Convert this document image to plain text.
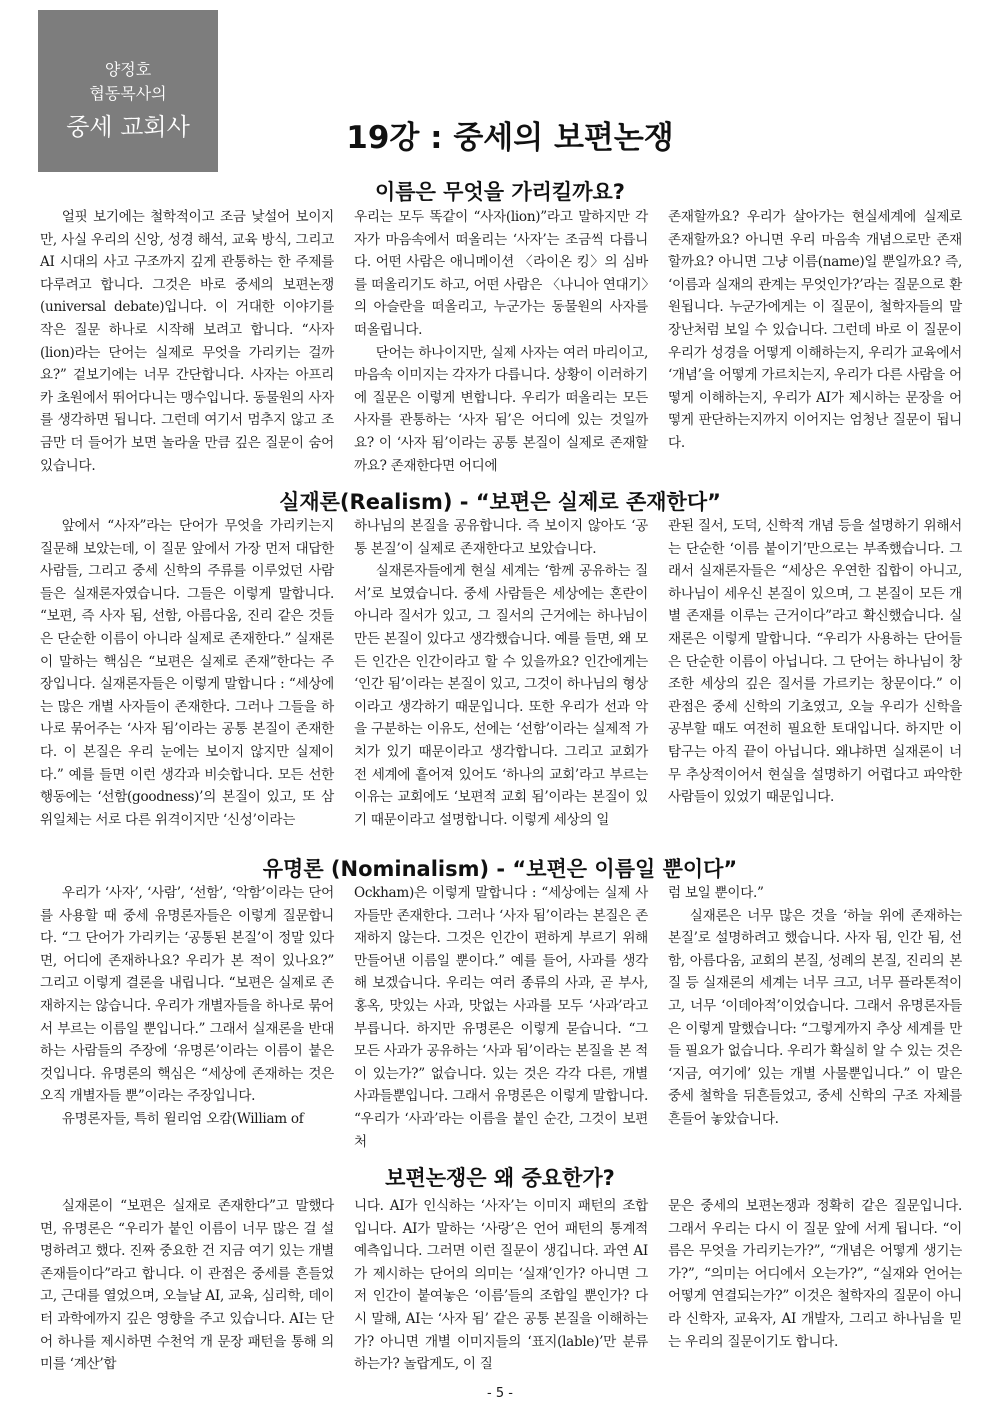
양정호
협동목사의
중세 교회사	19강 : 중세의 보편논쟁
이름은 무엇을 가리킬까요?

얼핏 보기에는 철학적이고 조금 낯설어 보이지만, 사실 우리의 신앙, 성경 해석, 교육 방식, 그리고 AI 시대의 사고 구조까지 깊게 관통하는 한 주제를 다루려고 합니다. 그것은 바로 중세의 보편논쟁(universal debate)입니다. 이 거대한 이야기를 작은 질문 하나로 시작해 보려고 합니다. “사자(lion)라는 단어는 실제로 무엇을 가리키는 걸까요?” 겉보기에는 너무 간단합니다. 사자는 아프리카 초원에서 뛰어다니는 맹수입니다. 동물원의 사자를 생각하면 됩니다. 그런데 여기서 멈추지 않고 조금만 더 들어가 보면 놀라울 만큼 깊은 질문이 숨어 있습니다.

우리는 모두 똑같이 “사자(lion)”라고 말하지만 각자가 마음속에서 떠올리는 ‘사자’는 조금씩 다릅니다. 어떤 사람은 애니메이션 〈라이온 킹〉의 심바를 떠올리기도 하고, 어떤 사람은 〈나니아 연대기〉의 아슬란을 떠올리고, 누군가는 동물원의 사자를 떠올립니다.

단어는 하나이지만, 실제 사자는 여러 마리이고, 마음속 이미지는 각자가 다릅니다. 상황이 이러하기에 질문은 이렇게 변합니다. 우리가 떠올리는 모든 사자를 관통하는 ‘사자 됨’은 어디에 있는 것일까요? 이 ‘사자 됨’이라는 공통 본질이 실제로 존재할까요? 존재한다면 어디에

존재할까요? 우리가 살아가는 현실세계에 실제로 존재할까요? 아니면 우리 마음속 개념으로만 존재할까요? 아니면 그냥 이름(name)일 뿐일까요? 즉, ‘이름과 실재의 관계는 무엇인가?’라는 질문으로 환원됩니다. 누군가에게는 이 질문이, 철학자들의 말장난처럼 보일 수 있습니다. 그런데 바로 이 질문이 우리가 성경을 어떻게 이해하는지, 우리가 교육에서 ‘개념’을 어떻게 가르치는지, 우리가 다른 사람을 어떻게 이해하는지, 우리가 AI가 제시하는 문장을 어떻게 판단하는지까지 이어지는 엄청난 질문이 됩니다.

실재론(Realism) - “보편은 실제로 존재한다”

앞에서 “사자”라는 단어가 무엇을 가리키는지 질문해 보았는데, 이 질문 앞에서 가장 먼저 대답한 사람들, 그리고 중세 신학의 주류를 이루었던 사람들은 실재론자였습니다. 그들은 이렇게 말합니다. “보편, 즉 사자 됨, 선함, 아름다움, 진리 같은 것들은 단순한 이름이 아니라 실제로 존재한다.” 실재론이 말하는 핵심은 “보편은 실제로 존재”한다는 주장입니다. 실재론자들은 이렇게 말합니다 : “세상에는 많은 개별 사자들이 존재한다. 그러나 그들을 하나로 묶어주는 ‘사자 됨’이라는 공통 본질이 존재한다. 이 본질은 우리 눈에는 보이지 않지만 실제이다.” 예를 들면 이런 생각과 비슷합니다. 모든 선한 행동에는 ‘선함(goodness)’의 본질이 있고, 또 삼위일체는 서로 다른 위격이지만 ‘신성’이라는

하나님의 본질을 공유합니다. 즉 보이지 않아도 ‘공통 본질’이 실제로 존재한다고 보았습니다.

실재론자들에게 현실 세계는 ‘함께 공유하는 질서’로 보였습니다. 중세 사람들은 세상에는 혼란이 아니라 질서가 있고, 그 질서의 근거에는 하나님이 만든 본질이 있다고 생각했습니다. 예를 들면, 왜 모든 인간은 인간이라고 할 수 있을까요? 인간에게는 ‘인간 됨’이라는 본질이 있고, 그것이 하나님의 형상이라고 생각하기 때문입니다. 또한 우리가 선과 악을 구분하는 이유도, 선에는 ‘선함’이라는 실제적 가치가 있기 때문이라고 생각합니다. 그리고 교회가 전 세계에 흩어져 있어도 ‘하나의 교회’라고 부르는 이유는 교회에도 ‘보편적 교회 됨’이라는 본질이 있기 때문이라고 설명합니다. 이렇게 세상의 일

관된 질서, 도덕, 신학적 개념 등을 설명하기 위해서는 단순한 ‘이름 붙이기’만으로는 부족했습니다. 그래서 실재론자들은 “세상은 우연한 집합이 아니고, 하나님이 세우신 본질이 있으며, 그 본질이 모든 개별 존재를 이루는 근거이다”라고 확신했습니다. 실재론은 이렇게 말합니다. “우리가 사용하는 단어들은 단순한 이름이 아닙니다. 그 단어는 하나님이 창조한 세상의 깊은 질서를 가르키는 창문이다.” 이 관점은 중세 신학의 기초였고, 오늘 우리가 신학을 공부할 때도 여전히 필요한 토대입니다. 하지만 이 탐구는 아직 끝이 아닙니다. 왜냐하면 실재론이 너무 추상적이어서 현실을 설명하기 어렵다고 파악한 사람들이 있었기 때문입니다.

유명론 (Nominalism) - “보편은 이름일 뿐이다”

우리가 ‘사자’, ‘사람’, ‘선함’, ‘악함’이라는 단어를 사용할 때 중세 유명론자들은 이렇게 질문합니다. “그 단어가 가리키는 ‘공통된 본질’이 정말 있다면, 어디에 존재하나요? 우리가 본 적이 있나요?” 그리고 이렇게 결론을 내립니다. “보편은 실제로 존재하지는 않습니다. 우리가 개별자들을 하나로 묶어서 부르는 이름일 뿐입니다.” 그래서 실재론을 반대하는 사람들의 주장에 ‘유명론’이라는 이름이 붙은 것입니다. 유명론의 핵심은 “세상에 존재하는 것은 오직 개별자들 뿐”이라는 주장입니다.

유명론자들, 특히 윌리엄 오캄(William of

Ockham)은 이렇게 말합니다 : “세상에는 실제 사자들만 존재한다. 그러나 ‘사자 됨’이라는 본질은 존재하지 않는다. 그것은 인간이 편하게 부르기 위해 만들어낸 이름일 뿐이다.” 예를 들어, 사과를 생각해 보겠습니다. 우리는 여러 종류의 사과, 곧 부사, 홍옥, 맛있는 사과, 맛없는 사과를 모두 ‘사과’라고 부릅니다. 하지만 유명론은 이렇게 묻습니다. “그 모든 사과가 공유하는 ‘사과 됨’이라는 본질을 본 적이 있는가?” 없습니다. 있는 것은 각각 다른, 개별 사과들뿐입니다. 그래서 유명론은 이렇게 말합니다. “우리가 ‘사과’라는 이름을 붙인 순간, 그것이 보편처

럼 보일 뿐이다.”

실재론은 너무 많은 것을 ‘하늘 위에 존재하는 본질’로 설명하려고 했습니다. 사자 됨, 인간 됨, 선함, 아름다움, 교회의 본질, 성례의 본질, 진리의 본질 등 실재론의 세계는 너무 크고, 너무 플라톤적이고, 너무 ‘이데아적’이었습니다. 그래서 유명론자들은 이렇게 말했습니다: “그렇게까지 추상 세계를 만들 필요가 없습니다. 우리가 확실히 알 수 있는 것은 ‘지금, 여기에’ 있는 개별 사물뿐입니다.” 이 말은 중세 철학을 뒤흔들었고, 중세 신학의 구조 자체를 흔들어 놓았습니다.

보편논쟁은 왜 중요한가?

실재론이 “보편은 실재로 존재한다”고 말했다면, 유명론은 “우리가 붙인 이름이 너무 많은 걸 설명하려고 했다. 진짜 중요한 건 지금 여기 있는 개별 존재들이다”라고 합니다. 이 관점은 중세를 흔들었고, 근대를 열었으며, 오늘날 AI, 교육, 심리학, 데이터 과학에까지 깊은 영향을 주고 있습니다. AI는 단어 하나를 제시하면 수천억 개 문장 패턴을 통해 의미를 ‘계산’합

니다. AI가 인식하는 ‘사자’는 이미지 패턴의 조합입니다. AI가 말하는 ‘사랑’은 언어 패턴의 통계적 예측입니다. 그러면 이런 질문이 생깁니다. 과연 AI가 제시하는 단어의 의미는 ‘실재’인가? 아니면 그저 인간이 붙여놓은 ‘이름’들의 조합일 뿐인가? 다시 말해, AI는 ‘사자 됨’ 같은 공통 본질을 이해하는가? 아니면 개별 이미지들의 ‘표지(lable)’만 분류하는가? 놀랍게도, 이 질

문은 중세의 보편논쟁과 정확히 같은 질문입니다. 그래서 우리는 다시 이 질문 앞에 서게 됩니다. “이름은 무엇을 가리키는가?”, “개념은 어떻게 생기는가?”, “의미는 어디에서 오는가?”, “실재와 언어는 어떻게 연결되는가?” 이것은 철학자의 질문이 아니라 신학자, 교육자, AI 개발자, 그리고 하나님을 믿는 우리의 질문이기도 합니다.

- 5 -
